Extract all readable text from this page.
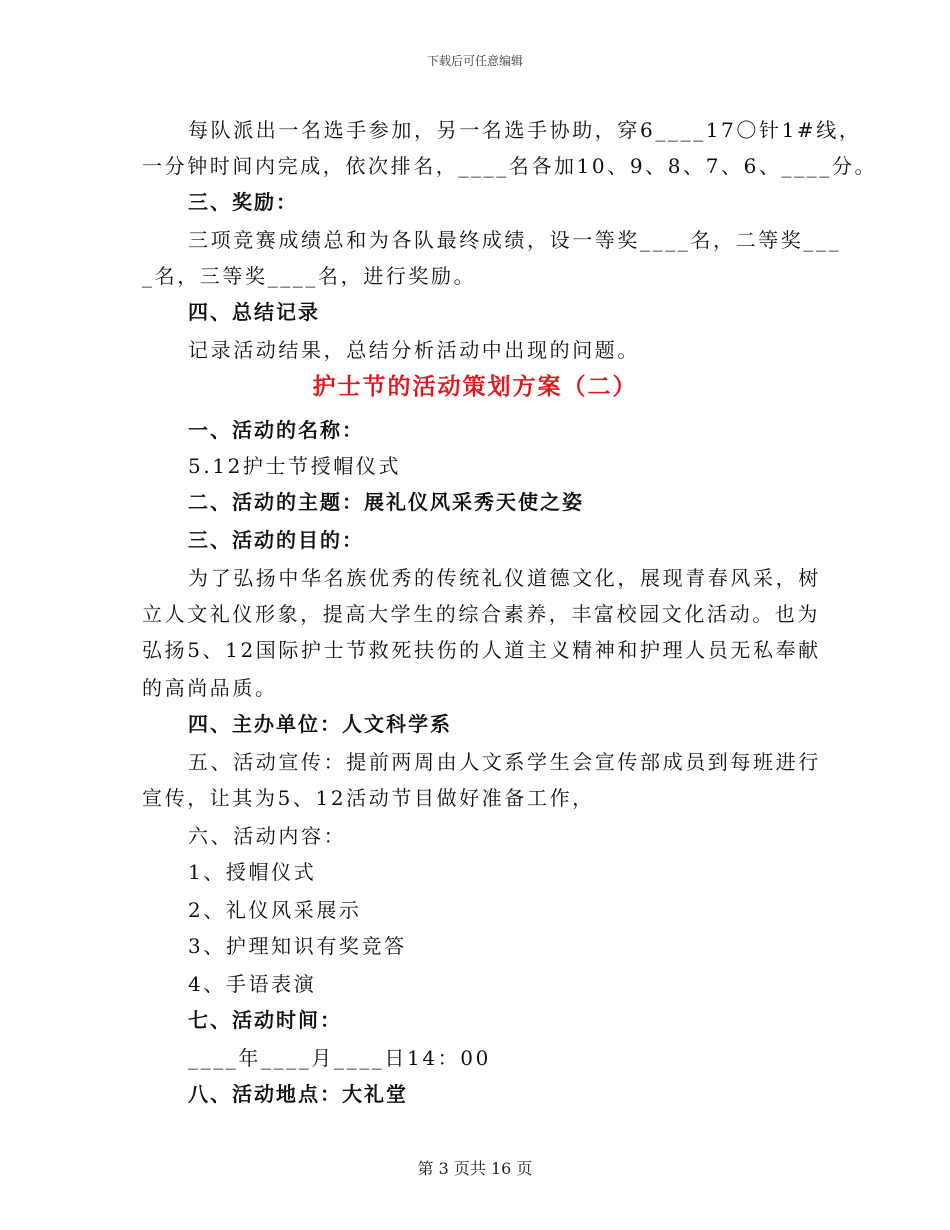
下载后可任意编辑
每队派出一名选手参加，另一名选手协助，穿6____17〇针1#线，
一分钟时间内完成，依次排名，____名各加10、9、8、7、6、____分。
三、奖励：
三项竞赛成绩总和为各队最终成绩，设一等奖____名，二等奖___
_名，三等奖____名，进行奖励。
四、总结记录
记录活动结果，总结分析活动中出现的问题。
护士节的活动策划方案（二）
一、活动的名称：
5.12护士节授帽仪式
二、活动的主题：展礼仪风采秀天使之姿
三、活动的目的：
为了弘扬中华名族优秀的传统礼仪道德文化，展现青春风采，树
立人文礼仪形象，提高大学生的综合素养，丰富校园文化活动。也为
弘扬5、12国际护士节救死扶伤的人道主义精神和护理人员无私奉献
的高尚品质。
四、主办单位：人文科学系
五、活动宣传：提前两周由人文系学生会宣传部成员到每班进行
宣传，让其为5、12活动节目做好准备工作，
六、活动内容：
1、授帽仪式
2、礼仪风采展示
3、护理知识有奖竞答
4、手语表演
七、活动时间：
____年____月____日14：00
八、活动地点：大礼堂
第 3 页共 16 页
